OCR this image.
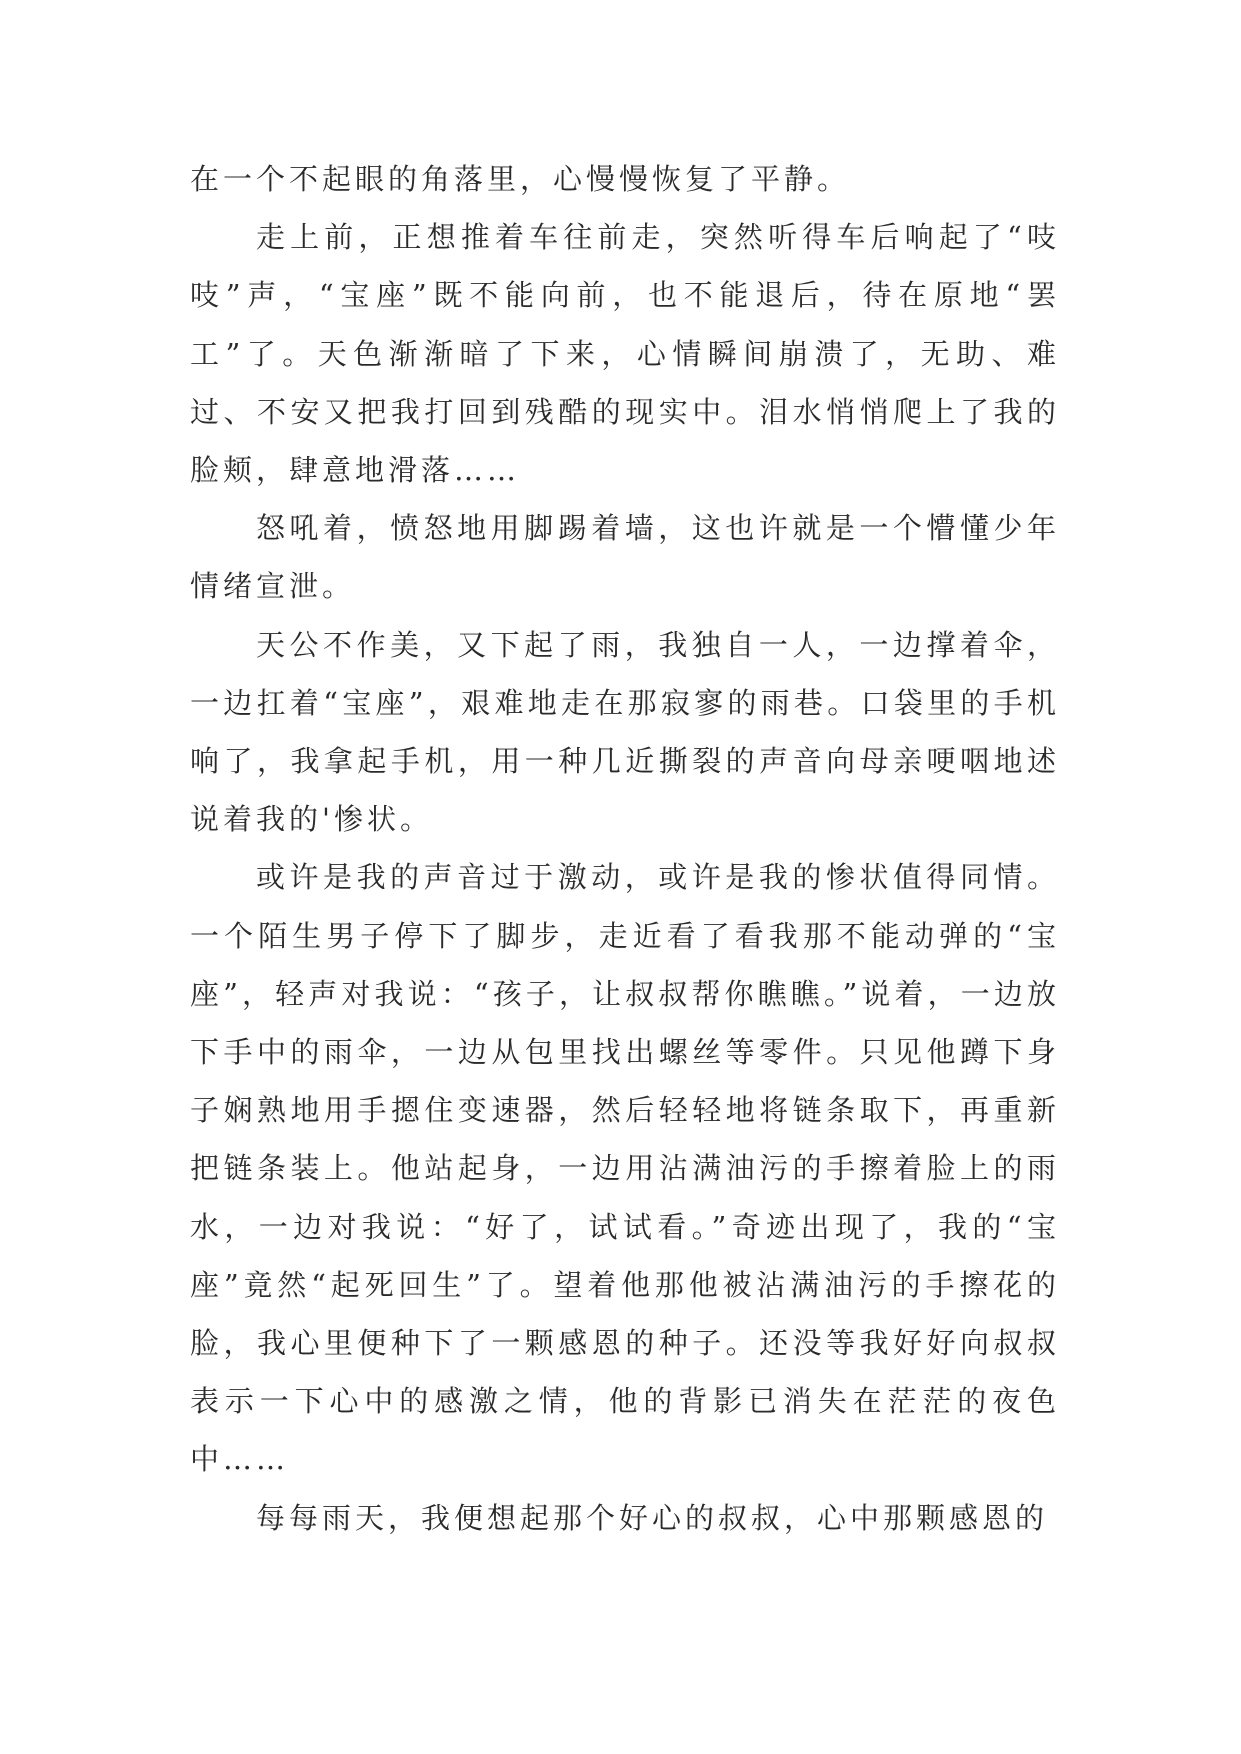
在一个不起眼的角落里，心慢慢恢复了平静。

走上前，正想推着车往前走，突然听得车后响起了“吱吱”声，“宝座”既不能向前，也不能退后，待在原地“罢工”了。天色渐渐暗了下来，心情瞬间崩溃了，无助、难过、不安又把我打回到残酷的现实中。泪水悄悄爬上了我的脸颊，肆意地滑落……

怒吼着，愤怒地用脚踢着墙，这也许就是一个懵懂少年情绪宣泄。

天公不作美，又下起了雨，我独自一人，一边撑着伞，一边扛着“宝座”，艰难地走在那寂寥的雨巷。口袋里的手机响了，我拿起手机，用一种几近撕裂的声音向母亲哽咽地述说着我的'惨状。

或许是我的声音过于激动，或许是我的惨状值得同情。一个陌生男子停下了脚步，走近看了看我那不能动弹的“宝座”，轻声对我说：“孩子，让叔叔帮你瞧瞧。”说着，一边放下手中的雨伞，一边从包里找出螺丝等零件。只见他蹲下身子娴熟地用手摁住变速器，然后轻轻地将链条取下，再重新把链条装上。他站起身，一边用沾满油污的手擦着脸上的雨水，一边对我说：“好了，试试看。”奇迹出现了，我的“宝座”竟然“起死回生”了。望着他那他被沾满油污的手擦花的脸，我心里便种下了一颗感恩的种子。还没等我好好向叔叔表示一下心中的感激之情，他的背影已消失在茫茫的夜色中……

每每雨天，我便想起那个好心的叔叔，心中那颗感恩的
